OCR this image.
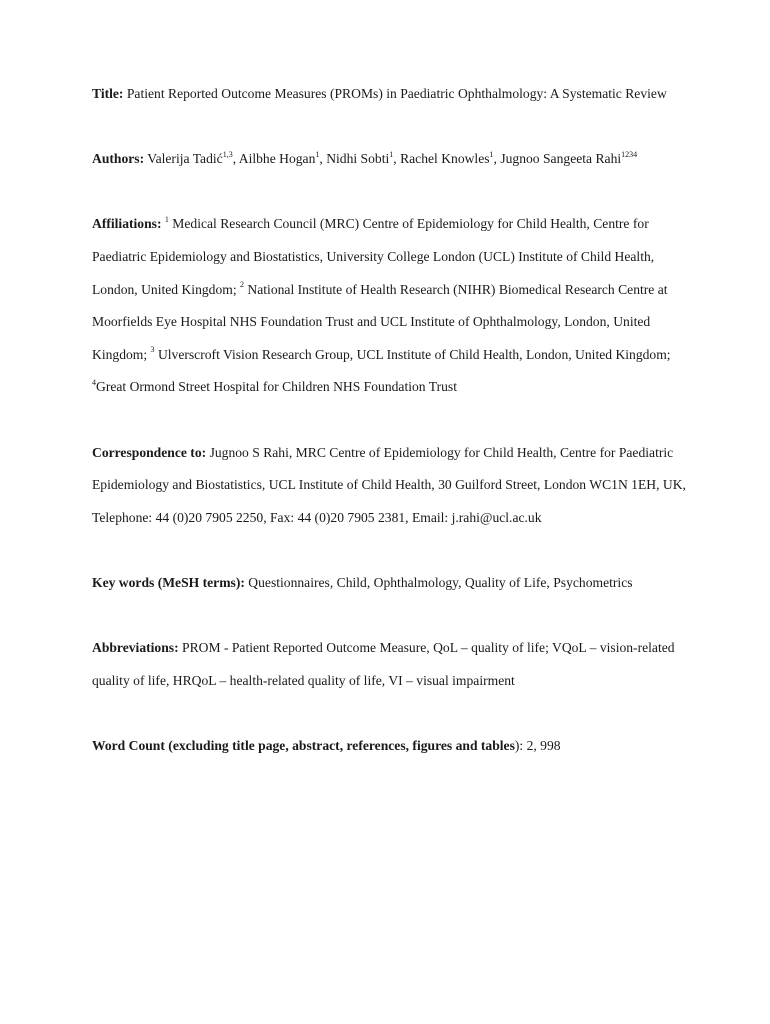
Title: Patient Reported Outcome Measures (PROMs) in Paediatric Ophthalmology: A Systematic Review

Authors: Valerija Tadić$^{1,3}$, Ailbhe Hogan$^1$, Nidhi Sobti$^1$, Rachel Knowles$^1$, Jugnoo Sangeeta Rahi$^{1234}$

Affiliations: $^1$ Medical Research Council (MRC) Centre of Epidemiology for Child Health, Centre for Paediatric Epidemiology and Biostatistics, University College London (UCL) Institute of Child Health, London, United Kingdom; $^2$ National Institute of Health Research (NIHR) Biomedical Research Centre at Moorfields Eye Hospital NHS Foundation Trust and UCL Institute of Ophthalmology, London, United Kingdom; $^3$ Ulverscroft Vision Research Group, UCL Institute of Child Health, London, United Kingdom; $^4$Great Ormond Street Hospital for Children NHS Foundation Trust

Correspondence to: Jugnoo S Rahi, MRC Centre of Epidemiology for Child Health, Centre for Paediatric Epidemiology and Biostatistics, UCL Institute of Child Health, 30 Guilford Street, London WC1N 1EH, UK, Telephone: 44 (0)20 7905 2250, Fax: 44 (0)20 7905 2381, Email: j.rahi@ucl.ac.uk

Key words (MeSH terms): Questionnaires, Child, Ophthalmology, Quality of Life, Psychometrics

Abbreviations: PROM - Patient Reported Outcome Measure, QoL – quality of life; VQoL – vision-related quality of life, HRQoL – health-related quality of life, VI – visual impairment

Word Count (excluding title page, abstract, references, figures and tables): 2, 998
